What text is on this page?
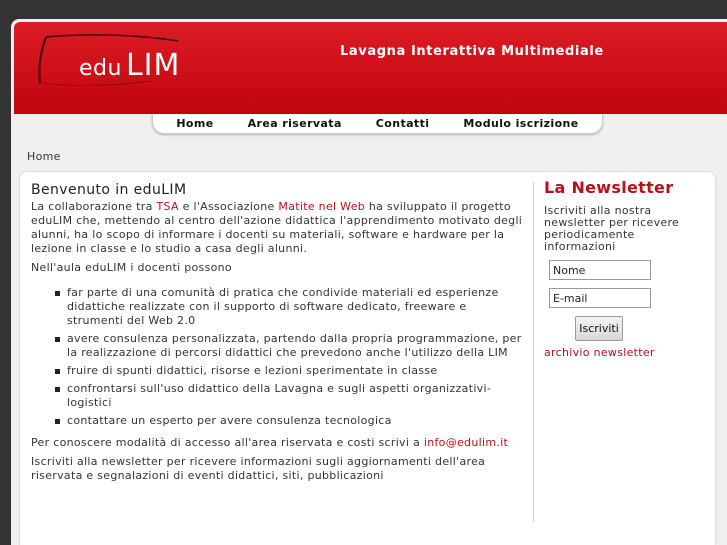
edu LIM	Lavagna Interattiva Multimediale
Home	Area riservata	Contatti	Modulo iscrizione
Home
Benvenuto in eduLIM

La collaborazione tra TSA e l'Associazione Matite nel Web ha sviluppato il progetto eduLIM che, mettendo al centro dell'azione didattica l'apprendimento motivato degli alunni, ha lo scopo di informare i docenti su materiali, software e hardware per la lezione in classe e lo studio a casa degli alunni.

Nell'aula eduLIM i docenti possono

far parte di una comunità di pratica che condivide materiali ed esperienze didattiche realizzate con il supporto di software dedicato, freeware e strumenti del Web 2.0
avere consulenza personalizzata, partendo dalla propria programmazione, per la realizzazione di percorsi didattici che prevedono anche l'utilizzo della LIM
fruire di spunti didattici, risorse e lezioni sperimentate in classe
confrontarsi sull'uso didattico della Lavagna e sugli aspetti organizzativi-logistici
contattare un esperto per avere consulenza tecnologica

Per conoscere modalità di accesso all'area riservata e costi scrivi a info@edulim.it

Iscriviti alla newsletter per ricevere informazioni sugli aggiornamenti dell'area riservata e segnalazioni di eventi didattici, siti, pubblicazioni

La Newsletter
Iscriviti alla nostra newsletter per ricevere periodicamente informazioni
Nome
E-mail
Iscriviti
archivio newsletter
